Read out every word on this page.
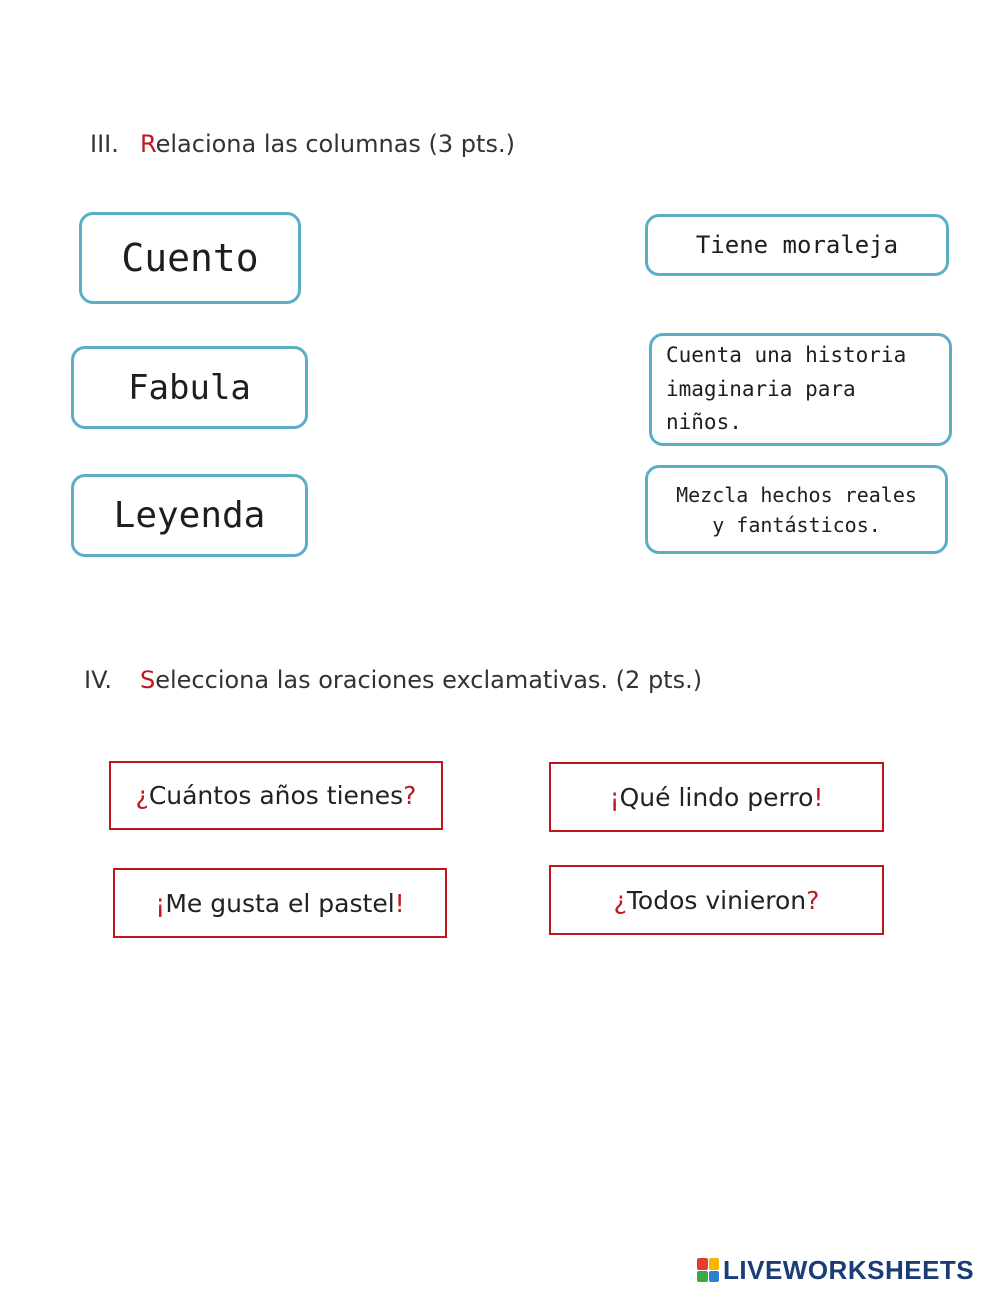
III. Relaciona las columnas (3 pts.)
Cuento
Fabula
Leyenda
Tiene moraleja
Cuenta una historia imaginaria para niños.
Mezcla hechos reales y fantásticos.
IV. Selecciona las oraciones exclamativas. (2 pts.)
¿Cuántos años tienes?	¡Qué lindo perro!
¡Me gusta el pastel!	¿Todos vinieron?
LIVEWORKSHEETS
